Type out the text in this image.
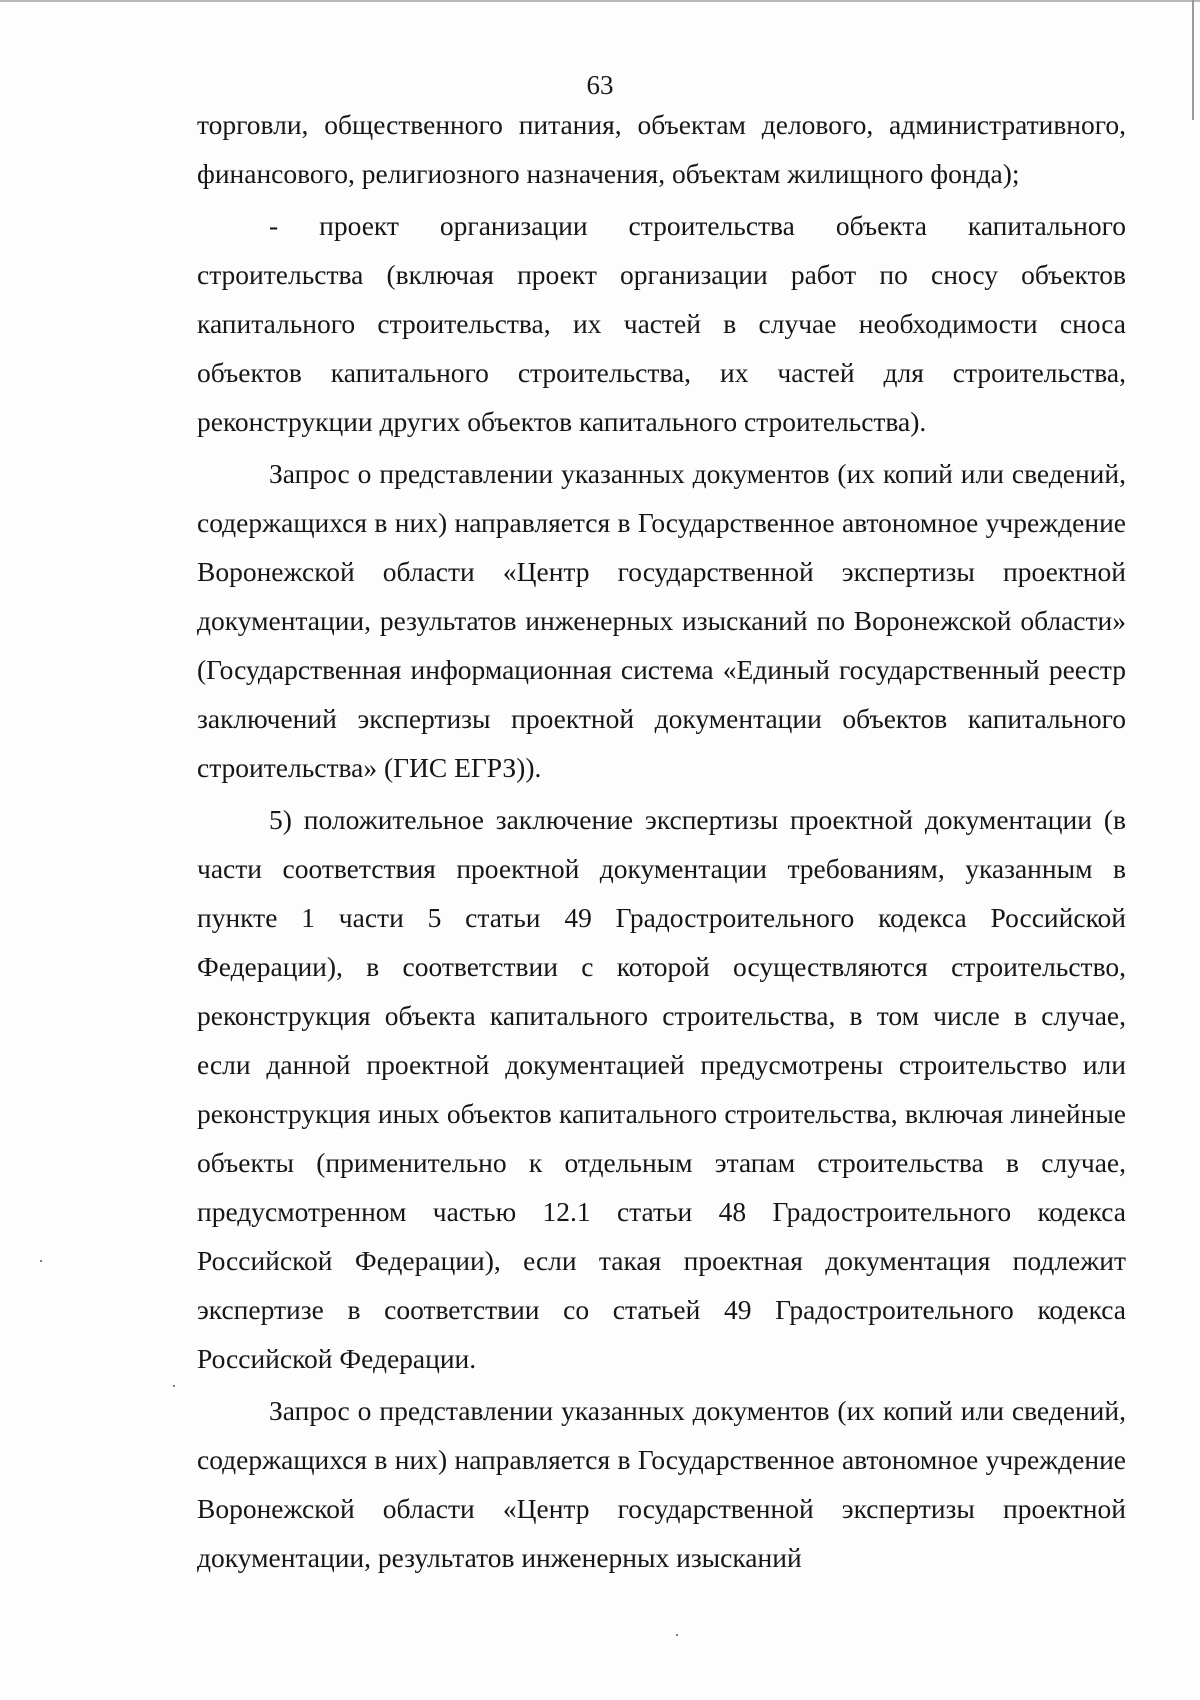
63

торговли, общественного питания, объектам делового, административного, финансового, религиозного назначения, объектам жилищного фонда);

- проект организации строительства объекта капитального строительства (включая проект организации работ по сносу объектов капитального строительства, их частей в случае необходимости сноса объектов капитального строительства, их частей для строительства, реконструкции других объектов капитального строительства).

Запрос о представлении указанных документов (их копий или сведений, содержащихся в них) направляется в Государственное автономное учреждение Воронежской области «Центр государственной экспертизы проектной документации, результатов инженерных изысканий по Воронежской области» (Государственная информационная система «Единый государственный реестр заключений экспертизы проектной документации объектов капитального строительства» (ГИС ЕГРЗ)).

5) положительное заключение экспертизы проектной документации (в части соответствия проектной документации требованиям, указанным в пункте 1 части 5 статьи 49 Градостроительного кодекса Российской Федерации), в соответствии с которой осуществляются строительство, реконструкция объекта капитального строительства, в том числе в случае, если данной проектной документацией предусмотрены строительство или реконструкция иных объектов капитального строительства, включая линейные объекты (применительно к отдельным этапам строительства в случае, предусмотренном частью 12.1 статьи 48 Градостроительного кодекса Российской Федерации), если такая проектная документация подлежит экспертизе в соответствии со статьей 49 Градостроительного кодекса Российской Федерации.

Запрос о представлении указанных документов (их копий или сведений, содержащихся в них) направляется в Государственное автономное учреждение Воронежской области «Центр государственной экспертизы проектной документации, результатов инженерных изысканий
